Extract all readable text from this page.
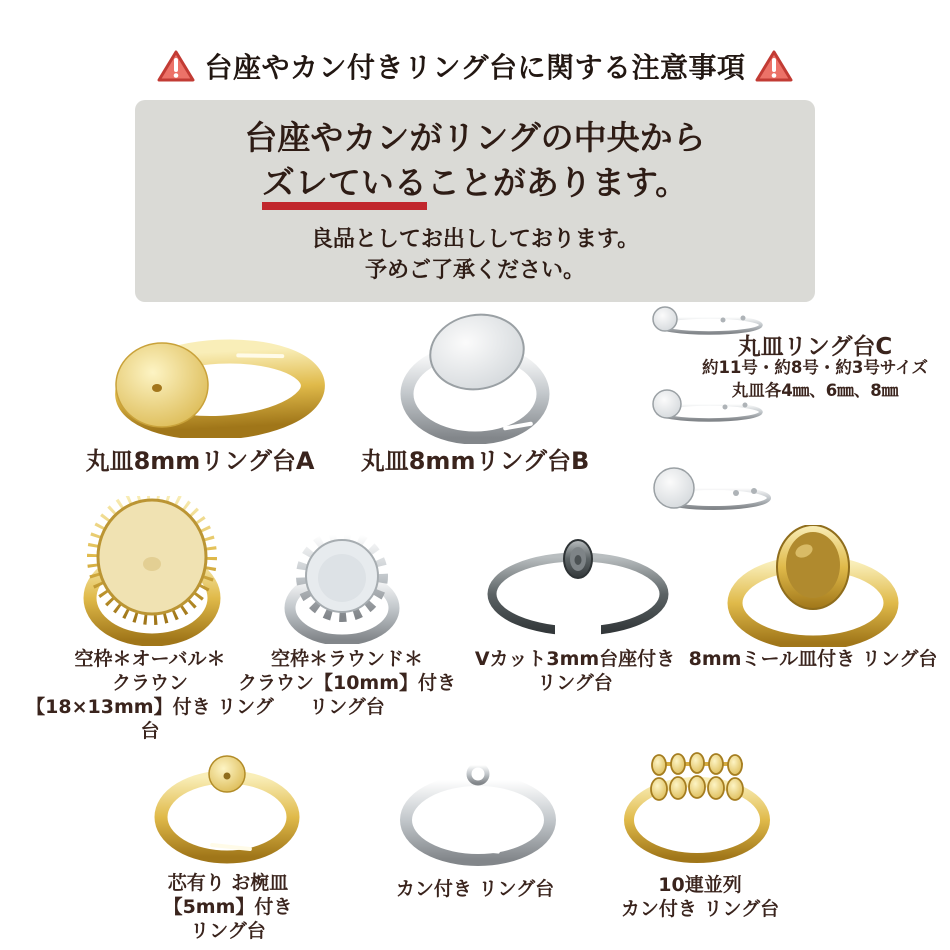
台座やカン付きリング台に関する注意事項
台座やカンがリングの中央から
ズレていることがあります。
良品としてお出ししております。
予めご了承ください。
丸皿8mmリング台A	丸皿8mmリング台B
丸皿リング台C
約11号・約8号・約3号サイズ
丸皿各4㎜、6㎜、8㎜
空枠＊オーバル＊
クラウン
【18×13mm】付き リング台
空枠＊ラウンド＊
クラウン【10mm】付き
リング台
Vカット3mm台座付き
リング台
8mmミール皿付き リング台
芯有り お椀皿
【5mm】付き
リング台
カン付き リング台	10連並列
カン付き リング台
